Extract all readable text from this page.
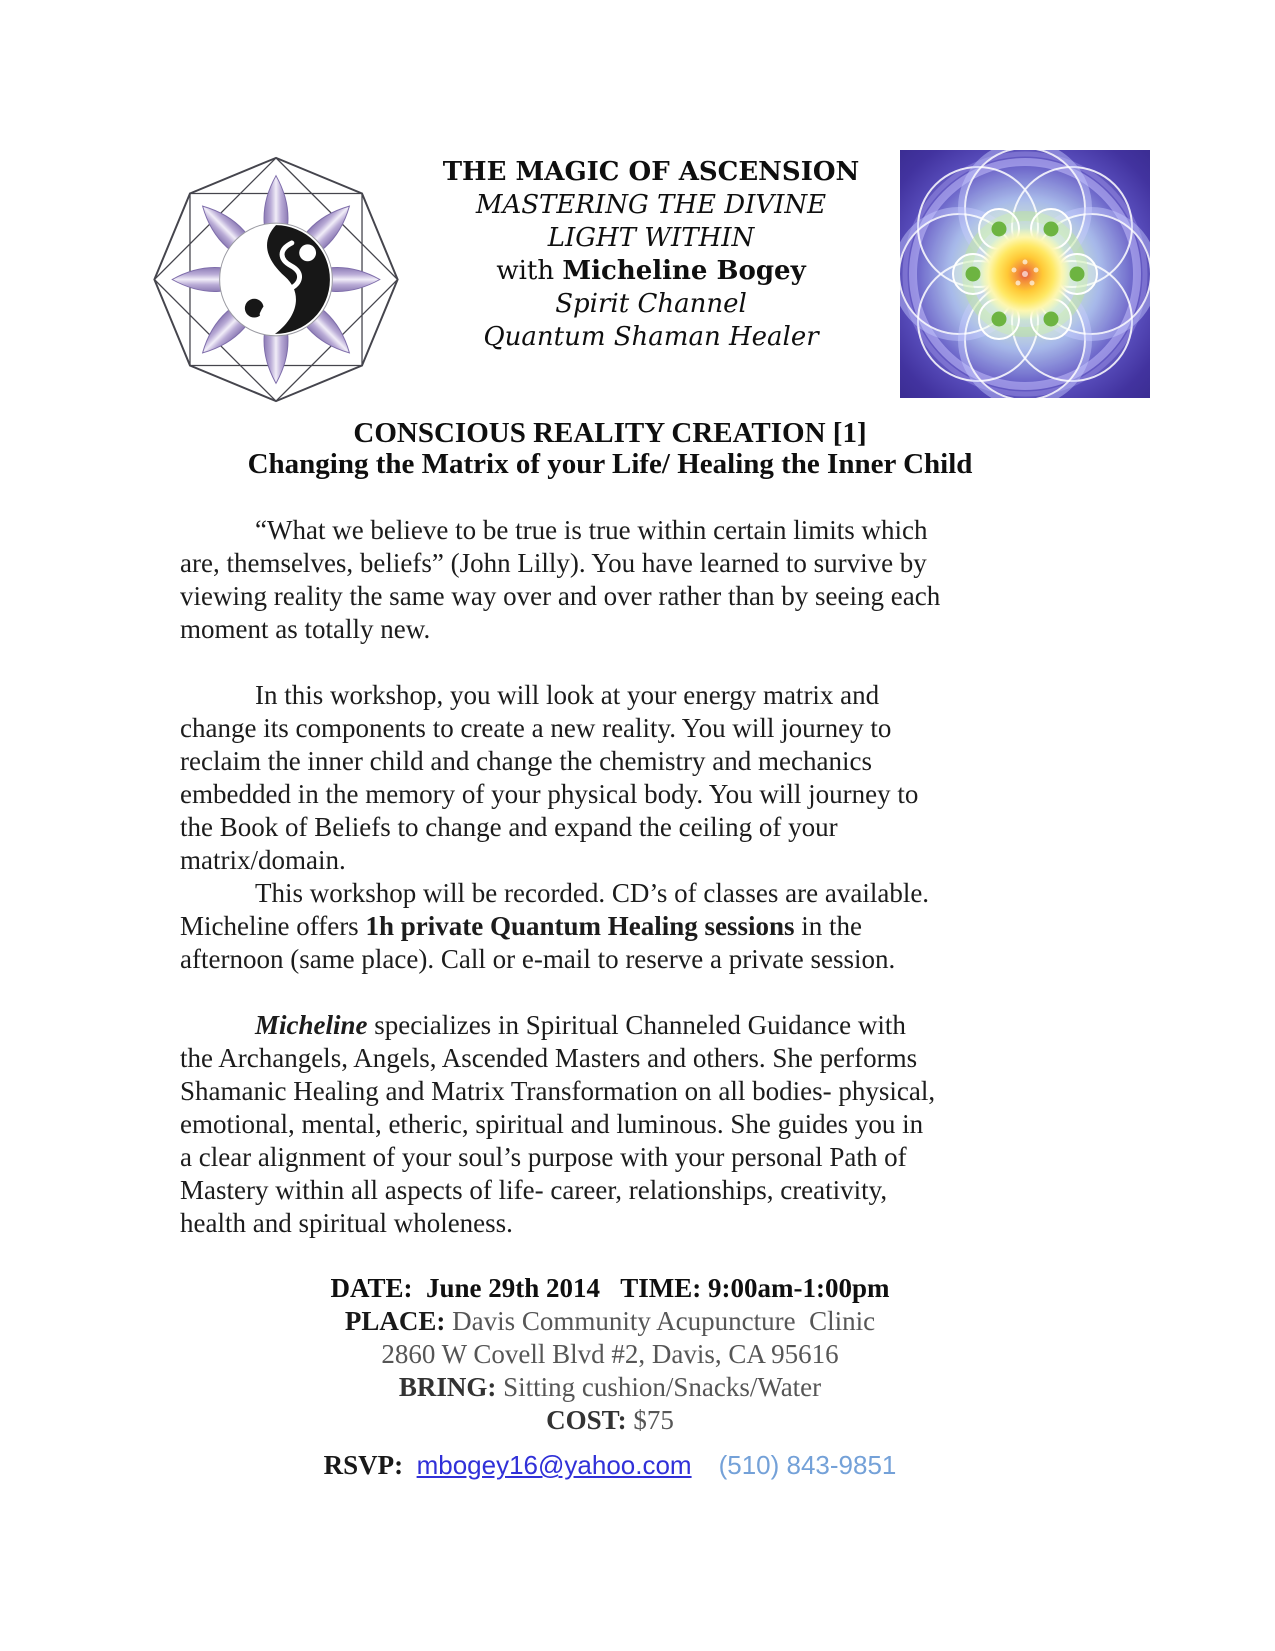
THE MAGIC OF ASCENSION
MASTERING THE DIVINE
LIGHT WITHIN
with Micheline Bogey
Spirit Channel
Quantum Shaman Healer
CONSCIOUS REALITY CREATION [1]
Changing the Matrix of your Life/ Healing the Inner Child
“What we believe to be true is true within certain limits which
are, themselves, beliefs” (John Lilly). You have learned to survive by
viewing reality the same way over and over rather than by seeing each
moment as totally new.
In this workshop, you will look at your energy matrix and
change its components to create a new reality. You will journey to
reclaim the inner child and change the chemistry and mechanics
embedded in the memory of your physical body. You will journey to
the Book of Beliefs to change and expand the ceiling of your
matrix/domain.
This workshop will be recorded. CD’s of classes are available.
Micheline offers 1h private Quantum Healing sessions in the
afternoon (same place). Call or e-mail to reserve a private session.
Micheline specializes in Spiritual Channeled Guidance with
the Archangels, Angels, Ascended Masters and others. She performs
Shamanic Healing and Matrix Transformation on all bodies- physical,
emotional, mental, etheric, spiritual and luminous. She guides you in
a clear alignment of your soul’s purpose with your personal Path of
Mastery within all aspects of life- career, relationships, creativity,
health and spiritual wholeness.
DATE:  June 29th 2014   TIME: 9:00am-1:00pm
PLACE: Davis Community Acupuncture  Clinic
2860 W Covell Blvd #2, Davis, CA 95616
BRING: Sitting cushion/Snacks/Water
COST: $75
RSVP: mbogey16@yahoo.com (510) 843-9851
